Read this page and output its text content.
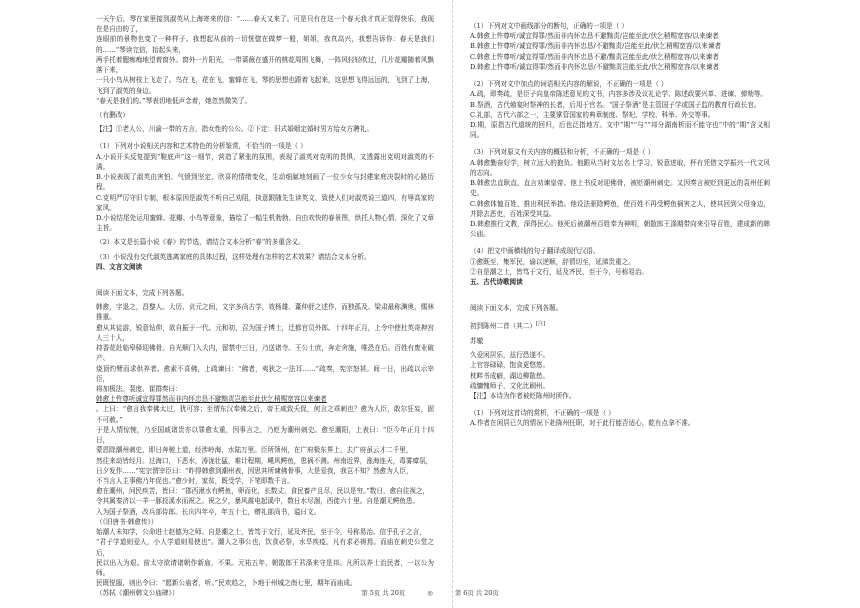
一天午后，琴在家里接到淑英从上海寄来的信：“……春天又来了。可是只有在这一个春天我才真正觉得快乐，我现在是自由的了，
连眼前的景物也变了一种样子。我想起从前的一切恍惚在做梦一般，姐姐，我真高兴，我想告诉你：春天是我们的……”琴读完信，抬起头来，
两手托着腮痴痴地望着窗外。窗外一片阳光，一带蔷薇在盛开的桃花周围飞舞，一阵风轻轻吹过，几片花瓣随着风飘落下来，
一只小鸟从树枝上飞走了。鸟在飞，花在飞，蜜蜂在飞，琴的思想也跟着飞起来，这思想飞得远远的，飞到了上海，飞到了淑英的身边。
“春天是我们的。”琴表切地低声念着，她忽然微笑了。
（有删改）
【注】①老人公，川渝一带的方言，指女性的公公。②下定：旧式婚姻定婚时男方给女方聘礼。
（1）下列对小说相关内容和艺术特色的分析鉴赏，不恰当的一项是（ ）
A.小说开头反复提到“鞋底声”这一细节，营造了紧张的氛围，表现了淑英对克明的畏惧，又透露出克明对淑英的不满。
B.小说表现了淑英由害怕、气愤到坚定、欣喜的情绪变化，生动细腻地刻画了一位少女与封建家庭决裂时的心路历程。
C.克明严厉守旧专制，根本原因是淑英不听自己劝阻，执意跟随先生读英文，致使人们对淑英说三道四，有辱高家的家风。
D.小说结尾处运用蜜蜂、花瓣、小鸟等意象，描绘了一幅生机勃勃、自由欢快的春景图，烘托人物心情，深化了文章主旨。
（2）本文是长篇小说《春》的节选，请结合文本分析“春”的多重含义。
（3）小说没有交代淑英逃离家庭的具体过程，这样处理有怎样的艺术效果？请结合文本分析。
四、文言文阅读
阅读下面文本，完成下列各题。
韩愈，字退之，昌黎人。大历、贞元之间，文字多尚古学，效杨雄、董仲舒之述作，而独孤及、梁肃最称渊奥，儒林推重。
愈从其徒游，锐意钻仰，欲自振于一代。元和初，召为国子博士，迁都官员外郎。十四年正月，上令中使杜英奇押宫人三十人，
持香花赴临皋驿迎佛骨。自光顺门入大内，留禁中三日，乃送诸寺。王公士庶，奔走舍施，唯恐在后。百姓有废业破产、
烧顶灼臂而求供养者。愈素不喜佛，上疏谏曰：“佛者，夷狄之一法耳……”疏奏，宪宗怒甚。间一日，出疏以示宰臣，
将加极法。裴度、崔群奏曰：
韩愈上忤尊听诚宜得罪然而非内怀忠恳不避黜责岂能至此伏乞稍赐宽容以来谏者
。上曰：“愈言我奉佛太过，犹可容；至谓东汉奉佛之后，帝王咸致夭促，何言之乖刺也？愈为人臣，敢尔狂妄，固不可赦。”
于是人情惊惋，乃至国戚诸贵亦以罪愈太重，因事言之，乃贬为潮州刺史。愈至潮阳，上表曰：“臣今年正月十四日，
蒙恩除潮州刺史，即日奔驰上道，经涉岭海，水陆万里。臣所领州，在广府极东界上，去广府虽云才二千里，
然往来动皆经月。过海口，下恶水，涛泷壮猛，难计程期，飓风鳄鱼，患祸不测。州南近界，涨海连天，毒雾瘴氛，
日夕发作……”宪宗谓宰臣曰：“昨得韩愈到潮州表，因思其所谏佛骨事，大是爱我，我岂不知？然愈为人臣，
不当言人主事佛乃年促也。”愈少时，家贫，既受学，下笔即数千言。
愈在潮州，问民疾苦，皆曰：“郡西湫水有鳄鱼，卵而化，长数丈，食民畜产且尽，民以是穷。”数日，愈自往视之，
令其属秦济以一羊一豚投溪水而祝之。祝之夕，暴风震电起溪中，数日水尽涸，西徙六十里。自是潮无鳄鱼患。
入为国子祭酒，改兵部侍郎。长庆四年卒，年五十七，赠礼部尚书，谥曰文。
（《旧唐书·韩愈传》）
始潮人未知学，公命进士赵德为之师。自是潮之士，皆笃于文行，延及齐民，至于今，号称易治。信乎孔子之言，
“君子学道则爱人，小人学道则易使也”。潮人之事公也，饮食必祭，水旱疾疫，凡有求必祷焉。而庙在刺史公堂之后，
民以出入为艰。前太守欲请诸朝作新庙，不果。元祐五年，朝散郎王君涤来守是邦。凡所以养士治民者，一以公为师。
民既悦服，则出令曰：“愿新公庙者，听。”民欢趋之，卜地于州城之南七里，期年而庙成。
（苏轼《潮州韩文公庙碑》）
（1）下列对文中画线部分的断句，正确的一项是（ ）
A.韩愈上忤尊听/诚宜得罪/然而非内怀忠恳不避黜责/岂能至此/伏乞稍赐宽容/以来谏者
B.韩愈上忤尊听/诚宜得罪/然而非内怀忠恳/不避黜责/岂能至此/伏乞稍赐宽容/以来谏者
C.韩愈上忤尊听/诚宜得罪/然而非内怀忠恳不避/黜责岂能至此/伏乞稍赐宽容/以来谏者
D.韩愈上忤尊听/诚宜得罪/然而非内怀忠恳/不避黜责岂能至此/伏乞稍赐宽容/以来谏者
（2）下列对文中加点的词语相关内容的解说，不正确的一项是（ ）
A.疏，即奏疏，是臣子向皇帝陈述意见的文书，内容多涉及议礼论学、陈述政要兴革、进谏、弹劾等。
B.祭酒，古代飨宴时祭神的长者，后用于官名。“国子祭酒”是主管国子学或国子监的教育行政长官。
C.礼部，古代六部之一，主要掌管国家的典章制度、祭祀、学校、科举、外交等事。
D.期，原指古代道统的回归，后也泛指地方。文中“期”“与”“邦分湖南析而不能守也”中的“期”含义相同。
（3）下列对原文有关内容的概括和分析，不正确的一项是（ ）
A.韩愈勤奋好学，树立远大的抱负。他跟从当时文坛名士学习，锐意进取，杯有凭借文学振兴一代文风的志向。
B.韩愈忠直耿直，直言劝谏皇帝。他上书反对迎佛骨，被贬潮州刺史。又因奏言被贬到更远的袁州任刺史。
C.韩愈体恤百姓，推出利民举措。他设法驱除鳄鱼，使百姓不再受鳄鱼祸害之人，使其回到父母身边，并除去恶吏，百姓深受其益。
D.韩愈推行文教，深得民心。他死后被潮州百姓奉为神明，朝散郎王涤期带向来引导百姓，建成新的韩公庙。
（4）把文中画横线的句子翻译成现代汉语。
①愈既至，集军民，谕以逆顺，辞情切至，延涕贵重之。
②自是潮之士，皆笃于文行，延及齐民，至于今，号称易治。
五、古代诗歌阅读
阅读下面文本，完成下列各题。
初到陈州二首（其二）[注]
苏辙
久爱闲居乐，兹行恐遂不。
上官容碌碌，饱食更悠悠。
枕畔书成癖，湖边柳散愁。
疏慵愧师子，文化比刷州。
【注】本诗为作者被贬陈州时所作。
（1）下列对这首诗的赏析，不正确的一项是（ ）
A.作者在闲居已久的情况下赴陈州任职，对于此行能否适心，乾有点拿不准。
第 5页 共 20页	◎	第 6页 共 20页
